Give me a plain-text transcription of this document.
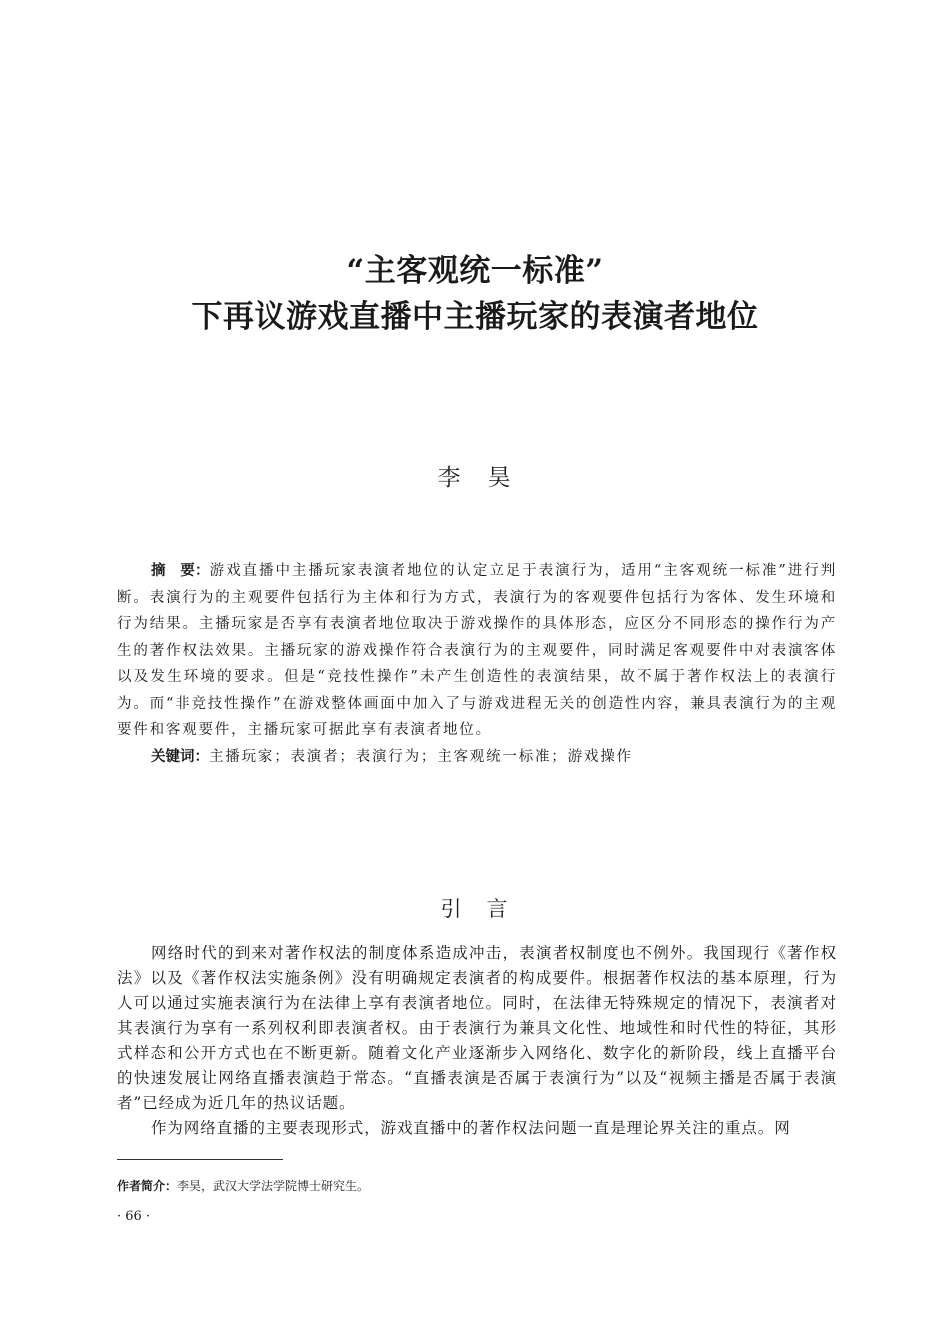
“主客观统一标准”
下再议游戏直播中主播玩家的表演者地位
李　昊

摘　要：游戏直播中主播玩家表演者地位的认定立足于表演行为，适用“主客观统一标准”进行判断。表演行为的主观要件包括行为主体和行为方式，表演行为的客观要件包括行为客体、发生环境和行为结果。主播玩家是否享有表演者地位取决于游戏操作的具体形态，应区分不同形态的操作行为产生的著作权法效果。主播玩家的游戏操作符合表演行为的主观要件，同时满足客观要件中对表演客体以及发生环境的要求。但是“竞技性操作”未产生创造性的表演结果，故不属于著作权法上的表演行为。而“非竞技性操作”在游戏整体画面中加入了与游戏进程无关的创造性内容，兼具表演行为的主观要件和客观要件，主播玩家可据此享有表演者地位。

关键词：主播玩家；表演者；表演行为；主客观统一标准；游戏操作

引　言

网络时代的到来对著作权法的制度体系造成冲击，表演者权制度也不例外。我国现行《著作权法》以及《著作权法实施条例》没有明确规定表演者的构成要件。根据著作权法的基本原理，行为人可以通过实施表演行为在法律上享有表演者地位。同时，在法律无特殊规定的情况下，表演者对其表演行为享有一系列权利即表演者权。由于表演行为兼具文化性、地域性和时代性的特征，其形式样态和公开方式也在不断更新。随着文化产业逐渐步入网络化、数字化的新阶段，线上直播平台的快速发展让网络直播表演趋于常态。“直播表演是否属于表演行为”以及“视频主播是否属于表演者”已经成为近几年的热议话题。

作为网络直播的主要表现形式，游戏直播中的著作权法问题一直是理论界关注的重点。网

作者简介：李昊，武汉大学法学院博士研究生。
· 66 ·
